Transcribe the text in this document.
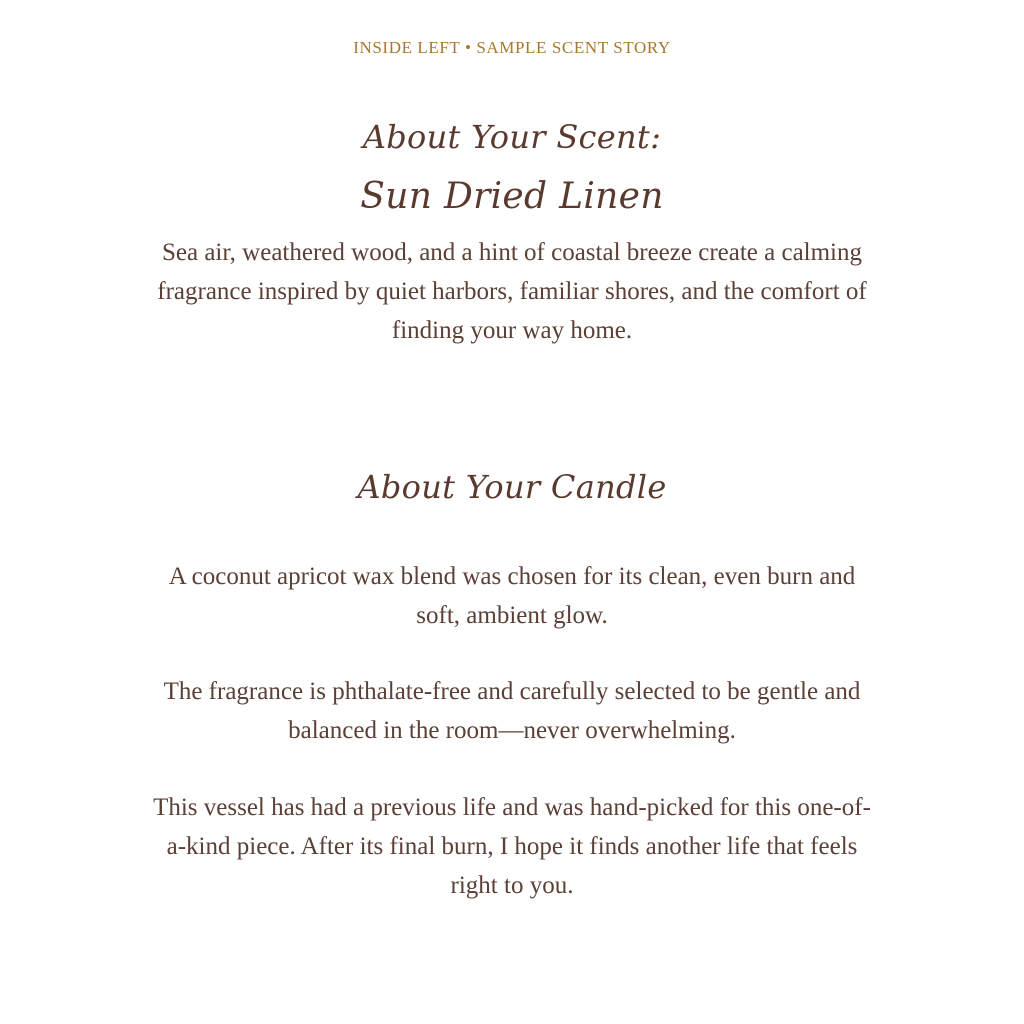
INSIDE LEFT • SAMPLE SCENT STORY
About Your Scent:
Sun Dried Linen
Sea air, weathered wood, and a hint of coastal breeze create a calming fragrance inspired by quiet harbors, familiar shores, and the comfort of finding your way home.
About Your Candle
A coconut apricot wax blend was chosen for its clean, even burn and soft, ambient glow.
The fragrance is phthalate-free and carefully selected to be gentle and balanced in the room—never overwhelming.
This vessel has had a previous life and was hand-picked for this one-of-a-kind piece. After its final burn, I hope it finds another life that feels right to you.
